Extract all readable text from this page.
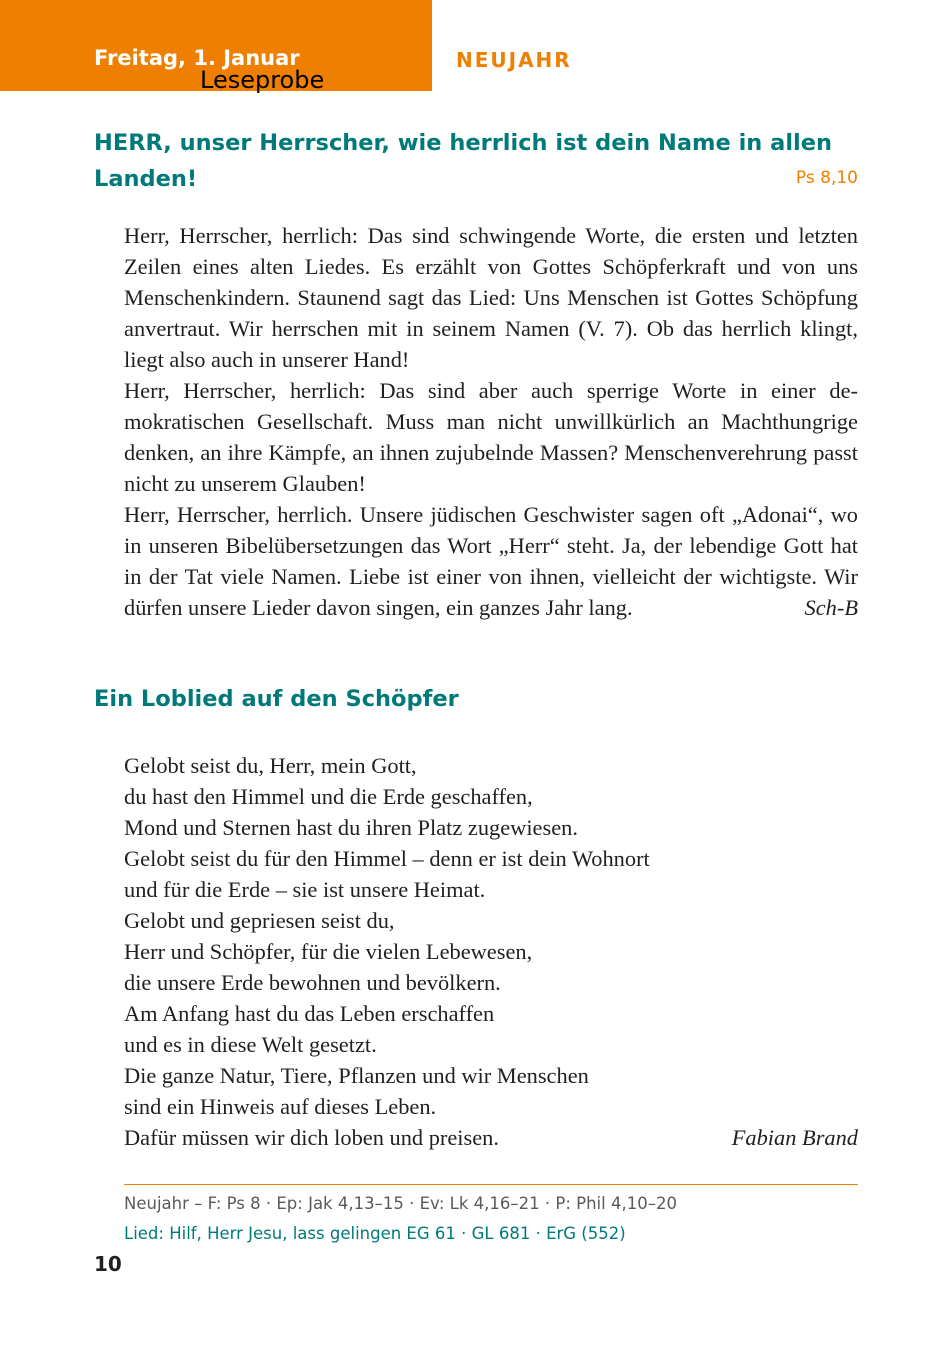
Freitag, 1. Januar
Leseprobe
NEUJAHR
HERR, unser Herrscher, wie herrlich ist dein Name in allen Landen!	Ps 8,10

Herr, Herrscher, herrlich: Das sind schwingende Worte, die ersten und letzten Zeilen eines alten Liedes. Es erzählt von Gottes Schöpferkraft und von uns Menschenkindern. Staunend sagt das Lied: Uns Menschen ist Gottes Schöpfung anvertraut. Wir herrschen mit in seinem Namen (V. 7). Ob das herrlich klingt, liegt also auch in unserer Hand!

Herr, Herrscher, herrlich: Das sind aber auch sperrige Worte in einer demokratischen Gesellschaft. Muss man nicht unwillkürlich an Machthungrige denken, an ihre Kämpfe, an ihnen zujubelnde Massen? Menschenverehrung passt nicht zu unserem Glauben!

Herr, Herrscher, herrlich. Unsere jüdischen Geschwister sagen oft „Adonai“, wo in unseren Bibelübersetzungen das Wort „Herr“ steht. Ja, der lebendige Gott hat in der Tat viele Namen. Liebe ist einer von ihnen, vielleicht der wichtigste. Wir dürfen unsere Lieder davon singen, ein ganzes Jahr lang.	Sch-B

Ein Loblied auf den Schöpfer
Gelobt seist du, Herr, mein Gott,
du hast den Himmel und die Erde geschaffen,
Mond und Sternen hast du ihren Platz zugewiesen.
Gelobt seist du für den Himmel – denn er ist dein Wohnort
und für die Erde – sie ist unsere Heimat.
Gelobt und gepriesen seist du,
Herr und Schöpfer, für die vielen Lebewesen,
die unsere Erde bewohnen und bevölkern.
Am Anfang hast du das Leben erschaffen
und es in diese Welt gesetzt.
Die ganze Natur, Tiere, Pflanzen und wir Menschen
sind ein Hinweis auf dieses Leben.
Dafür müssen wir dich loben und preisen.	Fabian Brand
Neujahr – F: Ps 8 · Ep: Jak 4,13–15 · Ev: Lk 4,16–21 · P: Phil 4,10–20
Lied: Hilf, Herr Jesu, lass gelingen EG 61 · GL 681 · ErG (552)
10
